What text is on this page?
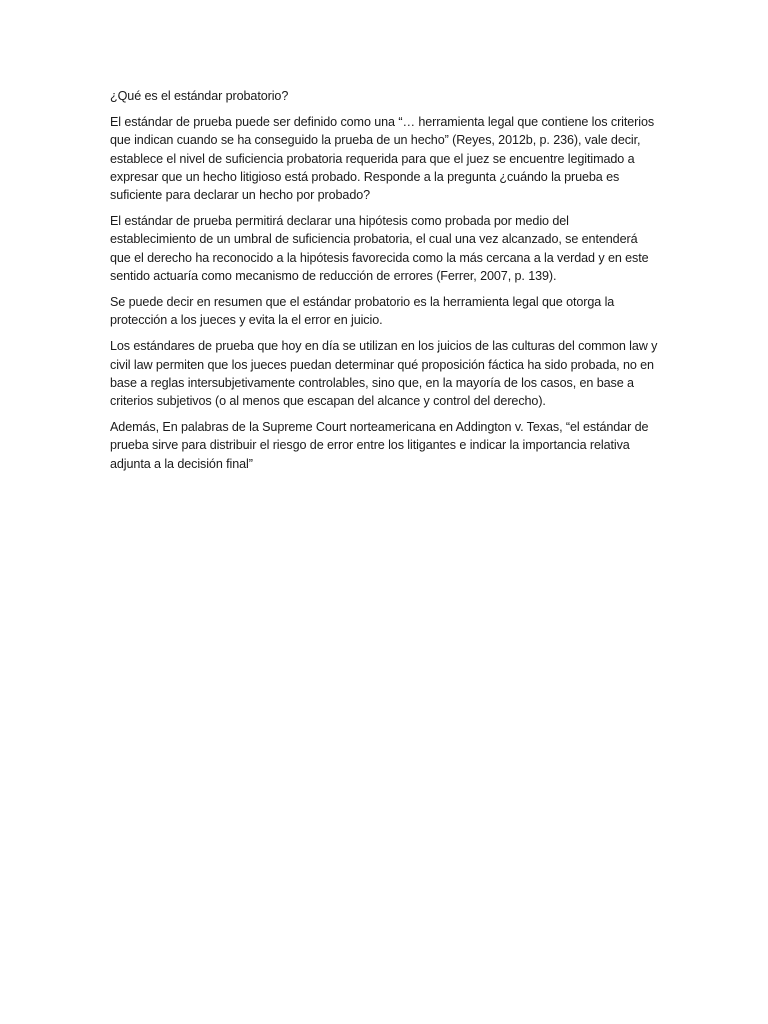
¿Qué es el estándar probatorio?

El estándar de prueba puede ser definido como una “… herramienta legal que contiene los criterios que indican cuando se ha conseguido la prueba de un hecho” (Reyes, 2012b, p. 236), vale decir, establece el nivel de suficiencia probatoria requerida para que el juez se encuentre legitimado a expresar que un hecho litigioso está probado. Responde a la pregunta ¿cuándo la prueba es suficiente para declarar un hecho por probado?

El estándar de prueba permitirá declarar una hipótesis como probada por medio del establecimiento de un umbral de suficiencia probatoria, el cual una vez alcanzado, se entenderá que el derecho ha reconocido a la hipótesis favorecida como la más cercana a la verdad y en este sentido actuaría como mecanismo de reducción de errores (Ferrer, 2007, p. 139).

Se puede decir en resumen que el estándar probatorio es la herramienta legal que otorga la protección a los jueces y evita la el error en juicio.

Los estándares de prueba que hoy en día se utilizan en los juicios de las culturas del common law y civil law permiten que los jueces puedan determinar qué proposición fáctica ha sido probada, no en base a reglas intersubjetivamente controlables, sino que, en la mayoría de los casos, en base a criterios subjetivos (o al menos que escapan del alcance y control del derecho).

Además, En palabras de la Supreme Court norteamericana en Addington v. Texas, “el estándar de prueba sirve para distribuir el riesgo de error entre los litigantes e indicar la importancia relativa adjunta a la decisión final”
